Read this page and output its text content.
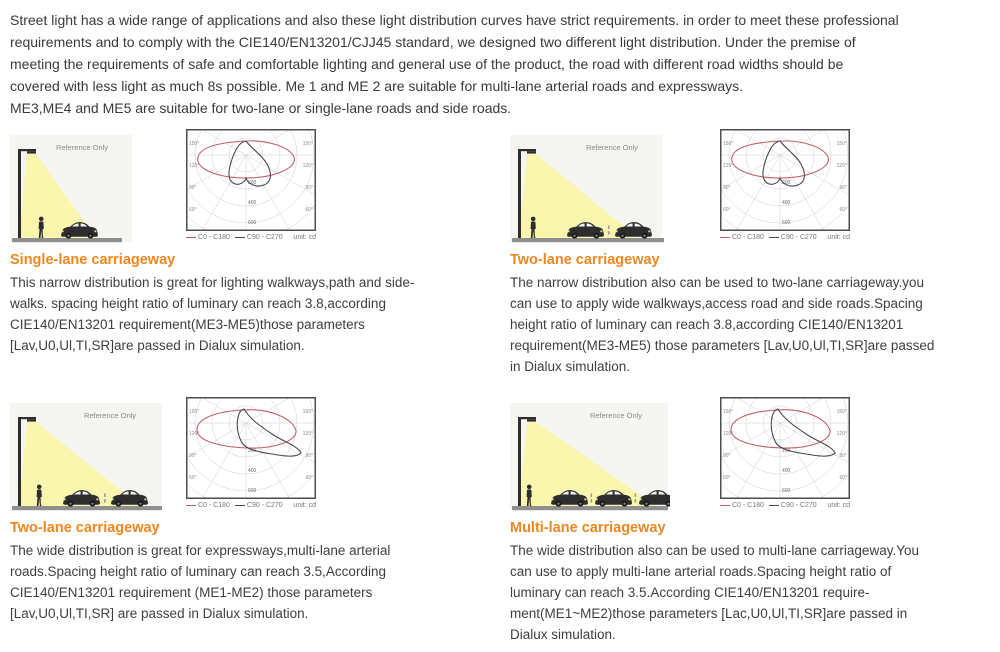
Street light has a wide range of applications and also these light distribution curves have strict requirements. in order to meet these professional
requirements and to comply with the CIE140/EN13201/CJJ45 standard, we designed two different light distribution. Under the premise of
meeting the requirements of safe and comfortable lighting and general use of the product, the road with different road widths should be
covered with less light as much 8s possible. Me 1 and ME 2 are suitable for multi-lane arterial roads and expressways.
ME3,ME4 and ME5 are suitable for two-lane or single-lane roads and side roads.

Reference Only	150°
120°
90°
60°
150°
120°
90°
60°
200
400
600
C0 - C180 C90 - C270 unit: cd
Single-lane carriageway

This narrow distribution is great for lighting walkways,path and side-
walks. spacing height ratio of luminary can reach 3.8,according
CIE140/EN13201 requirement(ME3-ME5)those parameters
[Lav,U0,Ul,TI,SR]are passed in Dialux simulation.

Reference Only	150°
120°
90°
60°
150°
120°
90°
60°
200
400
600
C0 - C180 C90 - C270 unit: cd
Two-lane carriageway

The narrow distribution also can be used to two-lane carriageway.you
can use to apply wide walkways,access road and side roads.Spacing
height ratio of luminary can reach 3.8,according CIE140/EN13201
requirement(ME3-ME5) those parameters [Lav,U0,Ul,TI,SR]are passed
in Dialux simulation.

Reference Only	150°
120°
90°
60°
150°
120°
90°
60°
200
400
600
C0 - C180 C90 - C270 unit: cd
Two-lane carriageway

The wide distribution is great for expressways,multi-lane arterial
roads.Spacing height ratio of luminary can reach 3.5,According
CIE140/EN13201 requirement (ME1-ME2) those parameters
[Lav,U0,Ul,TI,SR] are passed in Dialux simulation.

Reference Only	150°
120°
90°
60°
150°
120°
90°
60°
200
400
600
C0 - C180 C90 - C270 unit: cd
Multi-lane carriageway

The wide distribution also can be used to multi-lane carriageway.You
can use to apply multi-lane arterial roads.Spacing height ratio of
luminary can reach 3.5.According CIE140/EN13201 require-
ment(ME1~ME2)those parameters [Lac,U0,Ul,TI,SR]are passed in
Dialux simulation.
